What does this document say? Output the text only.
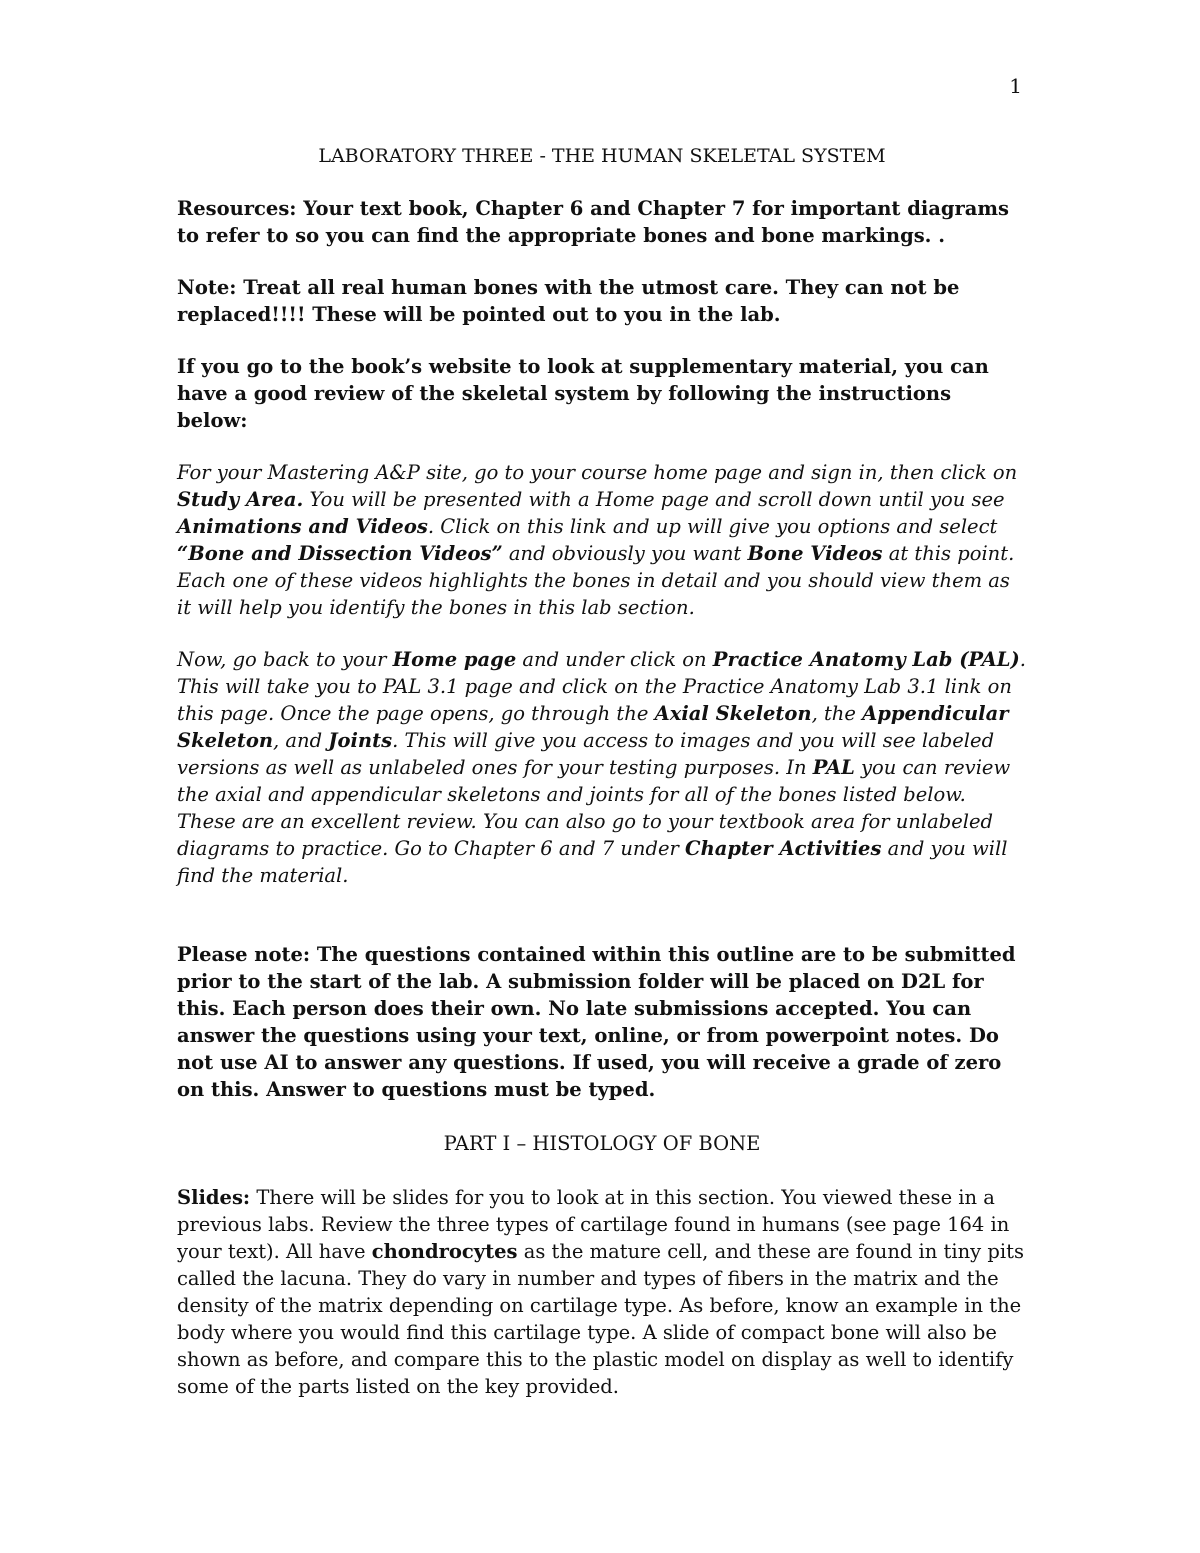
1
LABORATORY THREE - THE HUMAN SKELETAL SYSTEM

Resources: Your text book, Chapter 6 and Chapter 7 for important diagrams to refer to so you can find the appropriate bones and bone markings. .

Note: Treat all real human bones with the utmost care. They can not be replaced!!!! These will be pointed out to you in the lab.

If you go to the book’s website to look at supplementary material, you can have a good review of the skeletal system by following the instructions below:

For your Mastering A&P site, go to your course home page and sign in, then click on Study Area. You will be presented with a Home page and scroll down until you see Animations and Videos. Click on this link and up will give you options and select “Bone and Dissection Videos” and obviously you want Bone Videos at this point. Each one of these videos highlights the bones in detail and you should view them as it will help you identify the bones in this lab section.

Now, go back to your Home page and under click on Practice Anatomy Lab (PAL). This will take you to PAL 3.1 page and click on the Practice Anatomy Lab 3.1 link on this page. Once the page opens, go through the Axial Skeleton, the Appendicular Skeleton, and Joints. This will give you access to images and you will see labeled versions as well as unlabeled ones for your testing purposes. In PAL you can review the axial and appendicular skeletons and joints for all of the bones listed below. These are an excellent review. You can also go to your textbook area for unlabeled diagrams to practice. Go to Chapter 6 and 7 under Chapter Activities and you will find the material.

Please note: The questions contained within this outline are to be submitted prior to the start of the lab. A submission folder will be placed on D2L for this. Each person does their own. No late submissions accepted. You can answer the questions using your text, online, or from powerpoint notes. Do not use AI to answer any questions. If used, you will receive a grade of zero on this. Answer to questions must be typed.

PART I – HISTOLOGY OF BONE

Slides: There will be slides for you to look at in this section. You viewed these in a previous labs. Review the three types of cartilage found in humans (see page 164 in your text). All have chondrocytes as the mature cell, and these are found in tiny pits called the lacuna. They do vary in number and types of fibers in the matrix and the density of the matrix depending on cartilage type. As before, know an example in the body where you would find this cartilage type. A slide of compact bone will also be shown as before, and compare this to the plastic model on display as well to identify some of the parts listed on the key provided.
